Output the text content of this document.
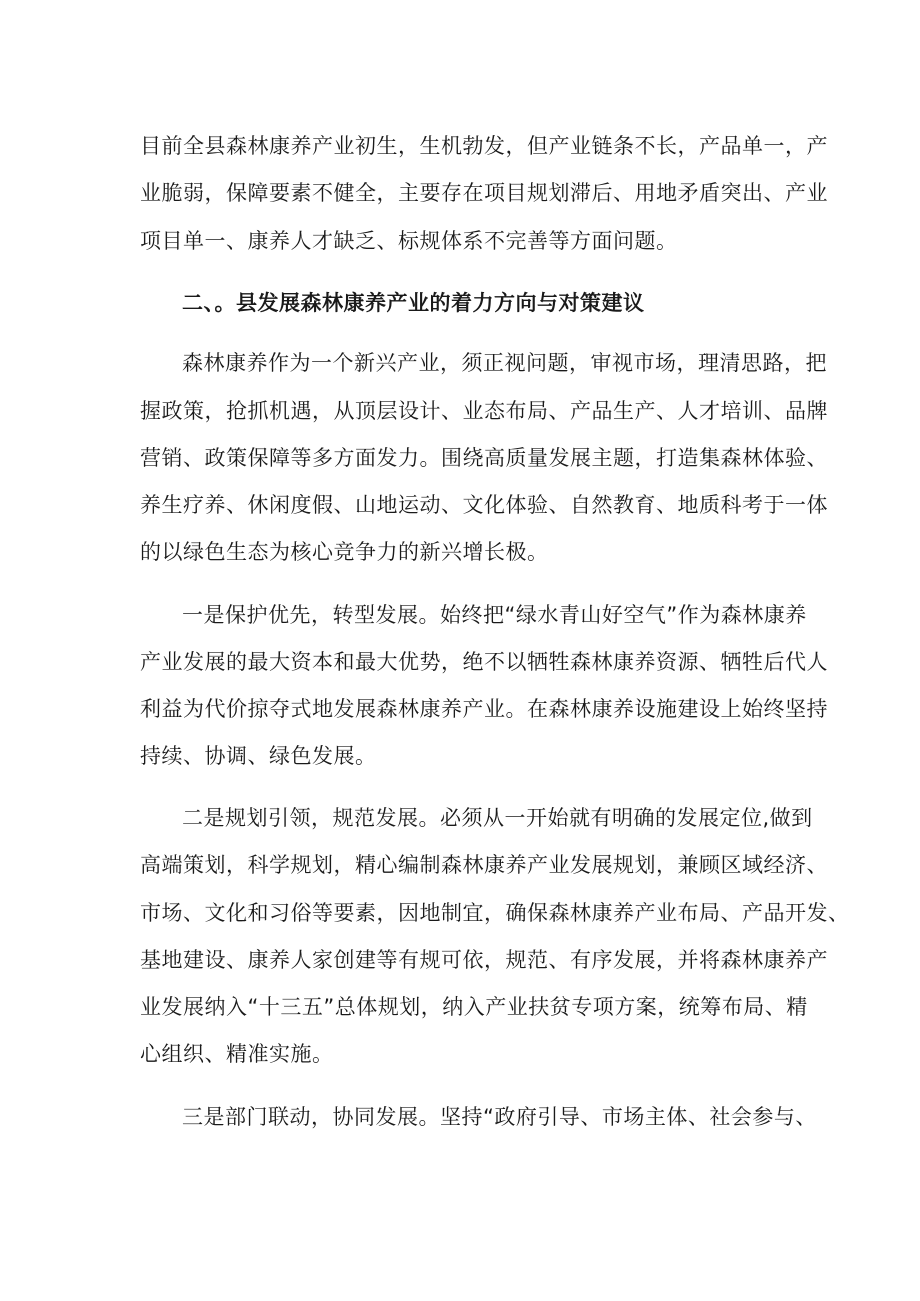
目前全县森林康养产业初生，生机勃发，但产业链条不长，产品单一，产
业脆弱，保障要素不健全，主要存在项目规划滞后、用地矛盾突出、产业
项目单一、康养人才缺乏、标规体系不完善等方面问题。
二、。县发展森林康养产业的着力方向与对策建议
森林康养作为一个新兴产业，须正视问题，审视市场，理清思路，把
握政策，抢抓机遇，从顶层设计、业态布局、产品生产、人才培训、品牌
营销、政策保障等多方面发力。围绕高质量发展主题，打造集森林体验、
养生疗养、休闲度假、山地运动、文化体验、自然教育、地质科考于一体
的以绿色生态为核心竞争力的新兴增长极。
一是保护优先，转型发展。始终把“绿水青山好空气”作为森林康养
产业发展的最大资本和最大优势，绝不以牺牲森林康养资源、牺牲后代人
利益为代价掠夺式地发展森林康养产业。在森林康养设施建设上始终坚持
持续、协调、绿色发展。
二是规划引领，规范发展。必须从一开始就有明确的发展定位,做到
高端策划，科学规划，精心编制森林康养产业发展规划，兼顾区域经济、
市场、文化和习俗等要素，因地制宜，确保森林康养产业布局、产品开发、
基地建设、康养人家创建等有规可依，规范、有序发展，并将森林康养产
业发展纳入“十三五”总体规划，纳入产业扶贫专项方案，统筹布局、精
心组织、精准实施。
三是部门联动，协同发展。坚持“政府引导、市场主体、社会参与、
